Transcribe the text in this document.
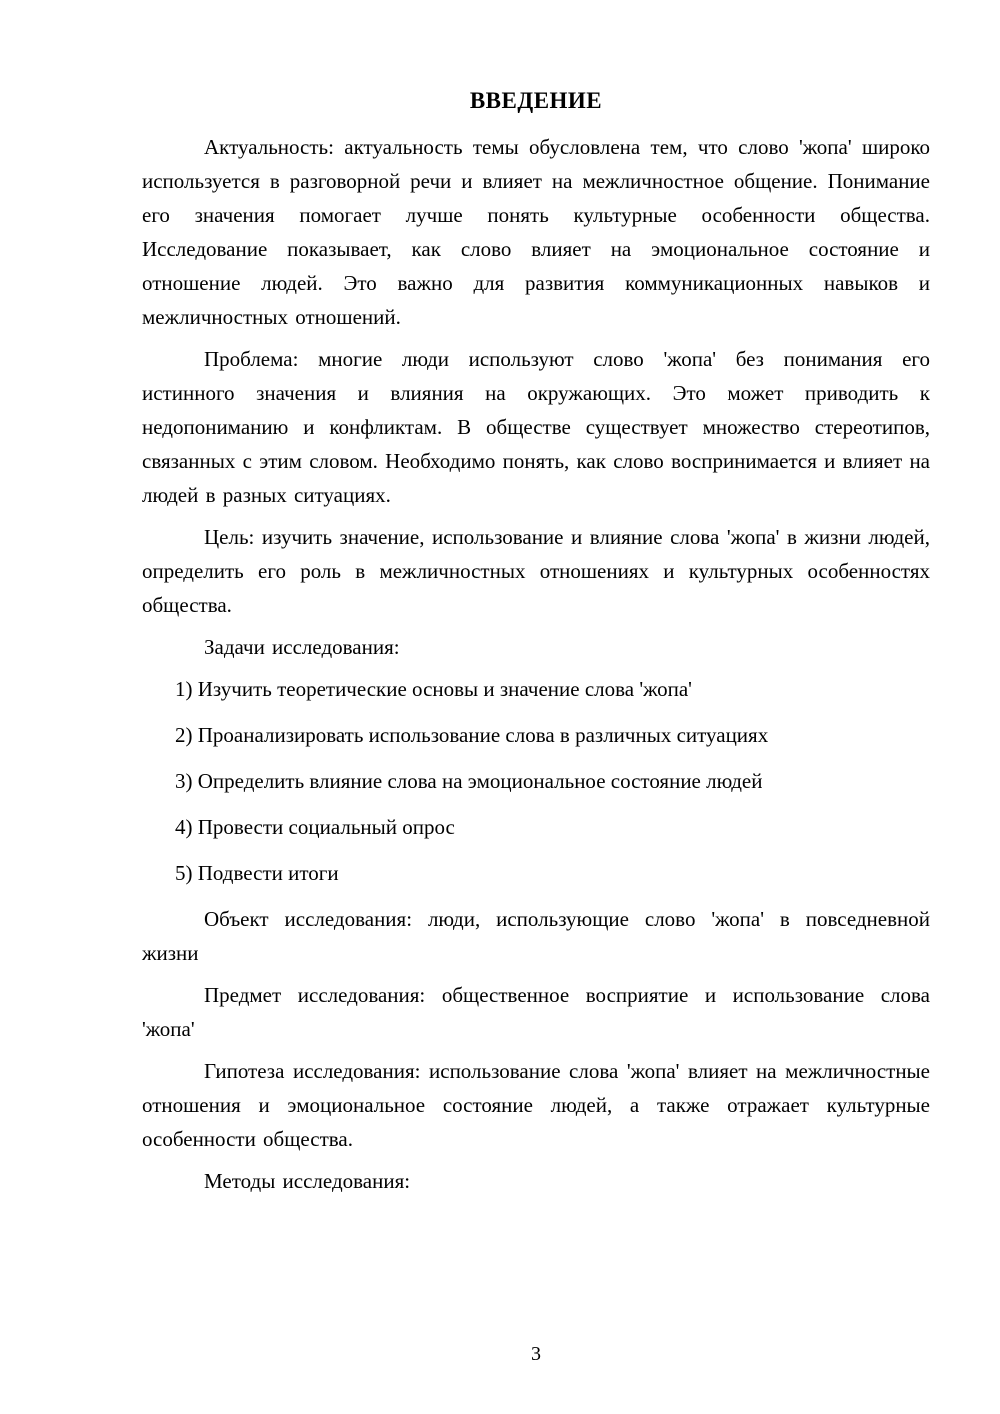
ВВЕДЕНИЕ

Актуальность: актуальность темы обусловлена тем, что слово 'жопа' широко используется в разговорной речи и влияет на межличностное общение. Понимание его значения помогает лучше понять культурные особенности общества. Исследование показывает, как слово влияет на эмоциональное состояние и отношение людей. Это важно для развития коммуникационных навыков и межличностных отношений.

Проблема: многие люди используют слово 'жопа' без понимания его истинного значения и влияния на окружающих. Это может приводить к недопониманию и конфликтам. В обществе существует множество стереотипов, связанных с этим словом. Необходимо понять, как слово воспринимается и влияет на людей в разных ситуациях.

Цель: изучить значение, использование и влияние слова 'жопа' в жизни людей, определить его роль в межличностных отношениях и культурных особенностях общества.

Задачи исследования:

1) Изучить теоретические основы и значение слова 'жопа'

2) Проанализировать использование слова в различных ситуациях

3) Определить влияние слова на эмоциональное состояние людей

4) Провести социальный опрос

5) Подвести итоги

Объект исследования: люди, использующие слово 'жопа' в повседневной жизни

Предмет исследования: общественное восприятие и использование слова 'жопа'

Гипотеза исследования: использование слова 'жопа' влияет на межличностные отношения и эмоциональное состояние людей, а также отражает культурные особенности общества.

Методы исследования:

3
